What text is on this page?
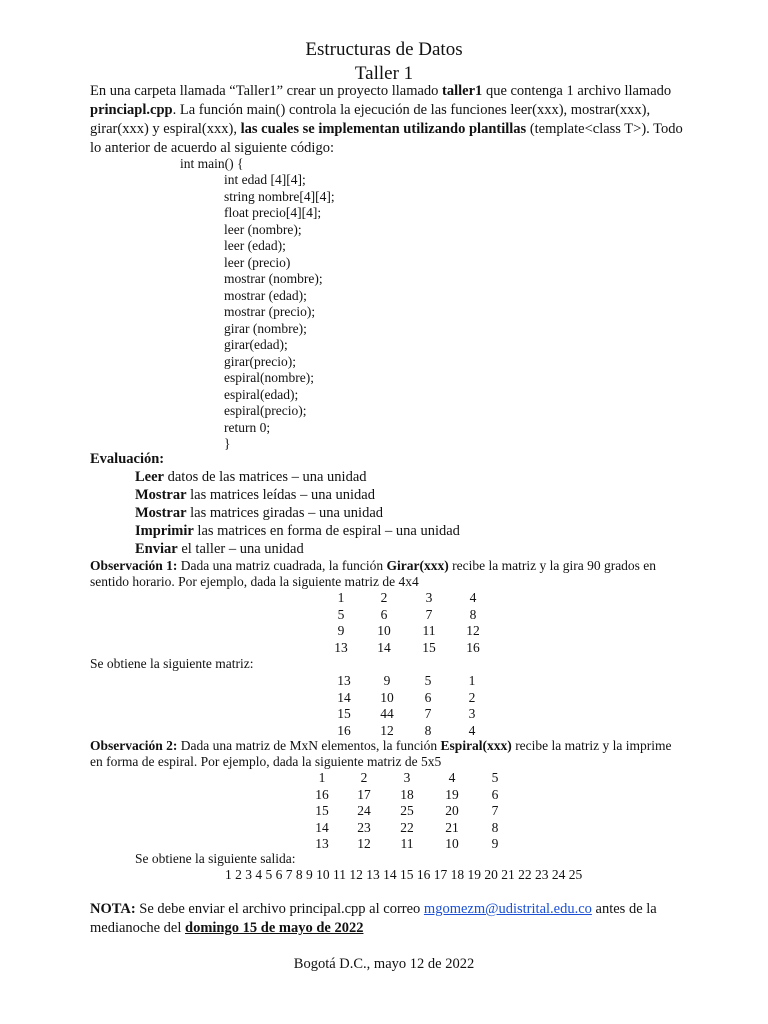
Estructuras de Datos
Taller 1
En una carpeta llamada “Taller1” crear un proyecto llamado taller1 que contenga 1 archivo llamado princiapl.cpp. La función main() controla la ejecución de las funciones leer(xxx), mostrar(xxx), girar(xxx) y espiral(xxx), las cuales se implementan utilizando plantillas (template<class T>). Todo lo anterior de acuerdo al siguiente código:
int main() {
int edad [4][4];
string nombre[4][4];
float precio[4][4];
leer (nombre);
leer (edad);
leer (precio)
mostrar (nombre);
mostrar (edad);
mostrar (precio);
girar (nombre);
girar(edad);
girar(precio);
espiral(nombre);
espiral(edad);
espiral(precio);
return 0;
}
Evaluación:
Leer datos de las matrices – una unidad
Mostrar las matrices leídas – una unidad
Mostrar las matrices giradas – una unidad
Imprimir las matrices en forma de espiral – una unidad
Enviar el taller – una unidad
Observación 1: Dada una matriz cuadrada, la función Girar(xxx) recibe la matriz y la gira 90 grados en
sentido horario. Por ejemplo, dada la siguiente matriz de 4x4
1	2	3	4
5	6	7	8
9	10	11	12
13	14	15	16
Se obtiene la siguiente matriz:
13	9	5	1
14	10	6	2
15	44	7	3
16	12	8	4
Observación 2: Dada una matriz de MxN elementos, la función Espiral(xxx) recibe la matriz y la imprime
en forma de espiral. Por ejemplo, dada la siguiente matriz de 5x5
1	2	3	4	5
16	17	18	19	6
15	24	25	20	7
14	23	22	21	8
13	12	11	10	9
Se obtiene la siguiente salida:
1 2 3 4 5 6 7 8 9 10 11 12 13 14 15 16 17 18 19 20 21 22 23 24 25
NOTA: Se debe enviar el archivo principal.cpp al correo mgomezm@udistrital.edu.co antes de la
medianoche del domingo 15 de mayo de 2022
Bogotá D.C., mayo 12 de 2022
